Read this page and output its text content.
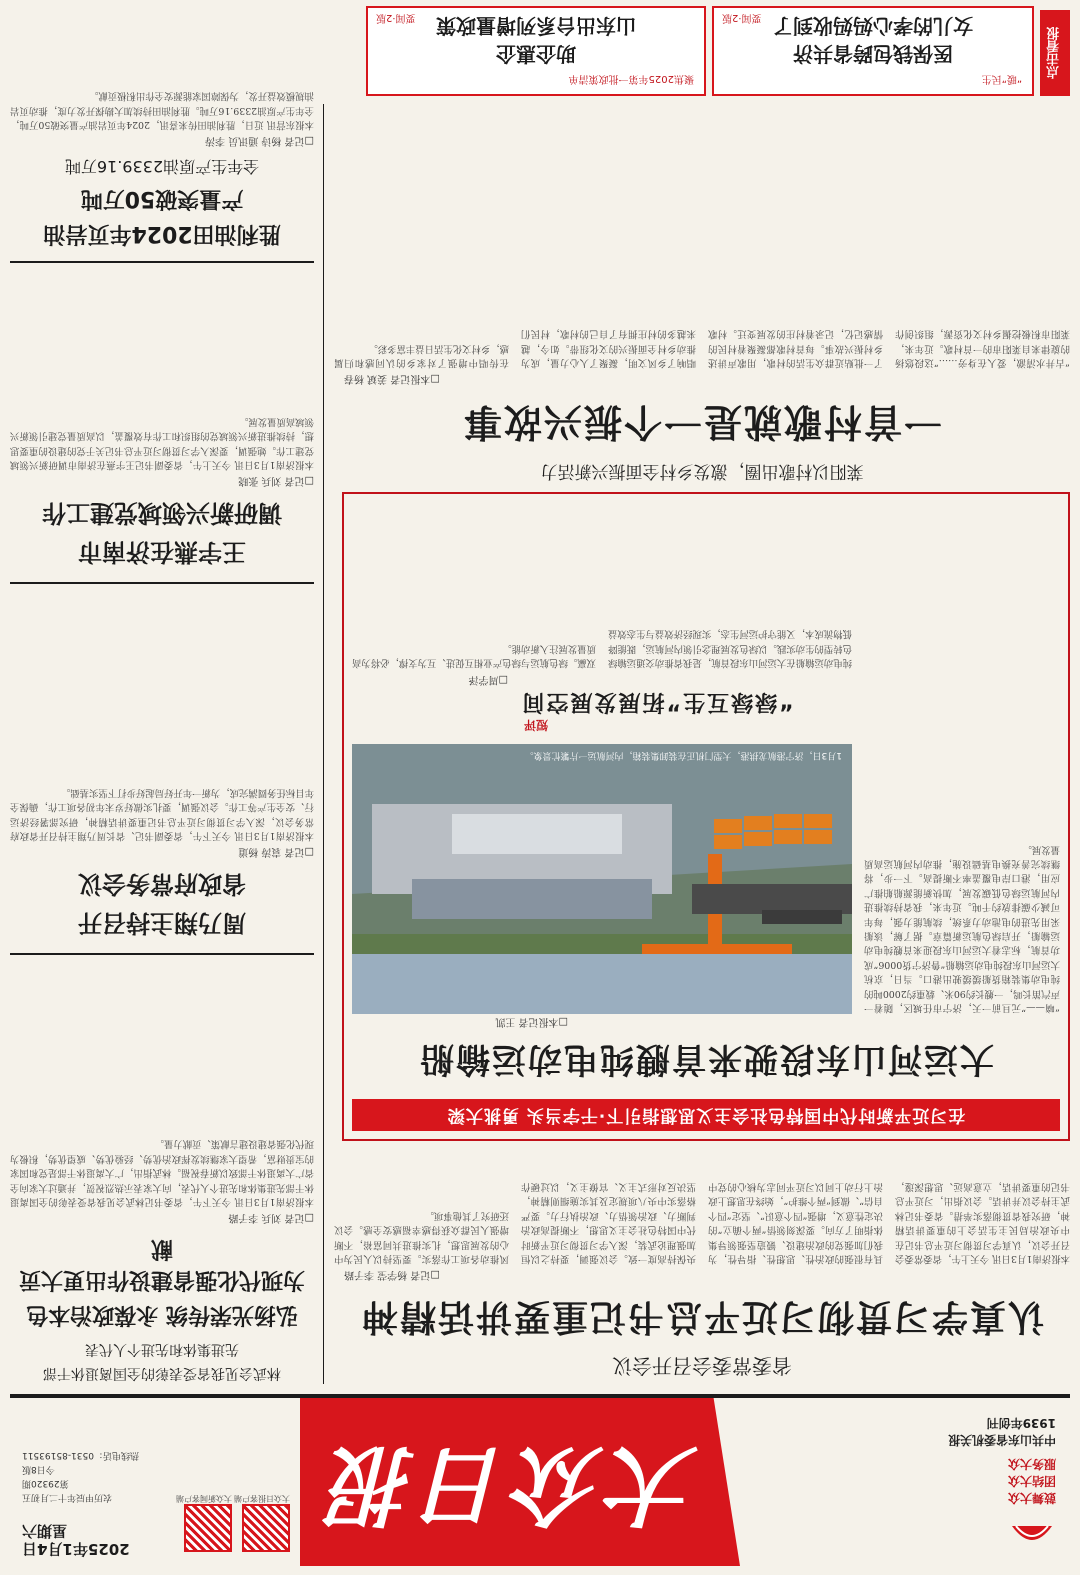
鼓舞大众
团结大众
服务大众
中共山东省委机关报
1939年创刊
大众日报
大众日报客户端
大众新闻客户端
2025年1月4日
星期六
农历甲辰年十二月初五
第29320期
今日8版
热线电话：0531-85193511
林武会见我省受表彰的全国离退休干部
先进集体和先进个人代表
弘扬光荣传统 永葆政治本色
为现代化强省建设作出更大贡献
□记者 刘兵 李子路
本报济南1月3日讯 今天下午，省委书记林武会见我省受表彰的全国离退休干部先进集体和先进个人代表，向大家表示热烈祝贺，并通过大家向全省广大离退休干部致以新春祝福。林武指出，广大离退休干部是党和国家的宝贵财富，希望大家继续发挥政治优势、经验优势、威望优势，积极为现代化强省建设建言献策、贡献力量。
周乃翔主持召开
省政府常务会议
□记者 袁涛 杨道
本报济南1月3日讯 今天下午，省委副书记、省长周乃翔主持召开省政府常务会议，深入学习贯彻习近平总书记重要讲话精神，研究部署经济运行、安全生产等工作。会议强调，要扎实做好岁末年初各项工作，确保全年目标任务圆满完成，为新一年开好局起好步打下坚实基础。
王宇燕在济南市
调研新兴领域党建工作
□记者 刘兵 张晓
本报济南1月3日讯 今天上午，省委副书记王宇燕在济南市调研新兴领域党建工作。她强调，要深入学习贯彻习近平总书记关于党的建设的重要思想，持续推进新兴领域党的组织和工作有效覆盖，以高质量党建引领新兴领域高质量发展。
胜利油田2024年页岩油
产量突破50万吨
全年生产原油2339.16万吨
□记者 杨诗 通讯员 李涛
本报东营讯 近日，胜利油田传来喜讯，2024年页岩油产量突破50万吨，全年生产原油2339.16万吨。胜利油田持续加大勘探开发力度，推动页岩油规模效益开发，为保障国家能源安全作出积极贡献。
省委常委会召开会议
认真学习贯彻习近平总书记重要讲话精神
□记者 杨学莹 李子路
本报济南1月3日讯 今天上午，省委常委会召开会议，认真学习贯彻习近平总书记在中央政治局民主生活会上的重要讲话精神，研究我省贯彻落实举措。省委书记林武主持会议并讲话。会议指出，习近平总书记的重要讲话，立意高远、思想深邃，具有很强的政治性、思想性、指导性，为我们加强党的政治建设、锻造坚强领导集体指明了方向。要深刻领悟“两个确立”的决定性意义，增强“四个意识”、坚定“四个自信”、做到“两个维护”，始终在思想上政治上行动上同以习近平同志为核心的党中央保持高度一致。会议强调，要持之以恒加强理论武装，深入学习贯彻习近平新时代中国特色社会主义思想，不断提高政治判断力、政治领悟力、政治执行力。要严格落实中央八项规定及其实施细则精神，坚决反对形式主义、官僚主义，以过硬作风推动各项工作落实。要坚持以人民为中心的发展思想，扎实推进共同富裕，不断增强人民群众获得感幸福感安全感。会议还研究了其他事项。
在习近平新时代中国特色社会主义思想指引下·干字当头 勇挑大梁
大运河山东段驶来首艘纯电动运输船
□本报记者 王凯
“嘀——”元旦前一天，济宁市任城区，随着一声汽笛长鸣，一艘长约90米、载重约2000吨的纯电动集装箱货船缓缓驶出港口。当日，京杭大运河山东段纯电动运输船“鲁济宁货0006”成功首航，标志着大运河山东段迎来首艘纯电动运输船，开启绿色航运新篇章。据了解，该船采用先进的电池动力系统，续航能力强，每年可减少碳排放约千吨。近年来，我省持续推进内河航运绿色低碳发展，加快新能源船舶推广应用，港口岸电覆盖率不断提高。下一步，将继续完善充换电基础设施，推动内河航运高质量发展。
1月3日，济宁港航龙拱港，大型门机正在装卸集装箱，内河航运一片繁忙景象。
短评
“绿绿互生”拓展发展空间
□周学泽
纯电动运输船在大运河山东段首航，是我省推动交通运输绿色转型的生动实践。以绿色发展理念引领内河航运，既能降低物流成本，又能守护运河生态，实现经济效益与生态效益双赢。绿色航运与绿色产业相互促进、互为支撑，必将为高质量发展注入新动能。
莱阳以村歌出圈，激发乡村全面振兴新活力
一首村歌就是一个振兴故事
□本报记者 姜斌 杨春
“古井水清澈，爱人在身旁……”这段悠扬的旋律来自莱阳市的一首村歌。近年来，莱阳市积极挖掘乡村文化资源，组织创作了一批贴近群众生活的村歌，用歌声讲述乡村振兴故事。每首村歌都凝聚着村民的情感记忆，记录着村庄的发展变迁。村歌唱响了乡风文明，凝聚了人心力量，成为推动乡村全面振兴的文化纽带。如今，越来越多的村庄拥有了自己的村歌，村民们在传唱中增强了对家乡的认同感和归属感，乡村文化生活日益丰富多彩。
点击看报
“暖”民生
医保钱包跨省共济
女儿的孝心妈妈收到了
要闻·2版
聚焦2025年第一批政策清单
助企惠企
山东出台系列增量政策
要闻·2版
